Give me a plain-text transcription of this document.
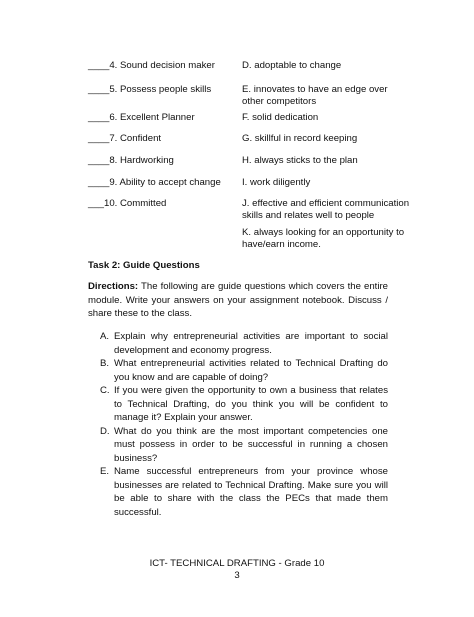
____4. Sound decision maker
____5. Possess people skills
____6. Excellent Planner
____7. Confident
____8. Hardworking
____9. Ability to accept change
___10. Committed
D. adoptable to change
E. innovates to have an edge over other competitors
F. solid dedication
G. skillful in record keeping
H. always sticks to the plan
I. work diligently
J. effective and efficient communication skills and relates well to people
K. always looking for an opportunity to have/earn income.
Task 2: Guide Questions
Directions: The following are guide questions which covers the entire module. Write your answers on your assignment notebook. Discuss / share these to the class.
A. Explain why entrepreneurial activities are important to social development and economy progress.
B. What entrepreneurial activities related to Technical Drafting do you know and are capable of doing?
C. If you were given the opportunity to own a business that relates to Technical Drafting, do you think you will be confident to manage it? Explain your answer.
D. What do you think are the most important competencies one must possess in order to be successful in running a chosen business?
E. Name successful entrepreneurs from your province whose businesses are related to Technical Drafting. Make sure you will be able to share with the class the PECs that made them successful.
ICT- TECHNICAL DRAFTING - Grade 10
3
